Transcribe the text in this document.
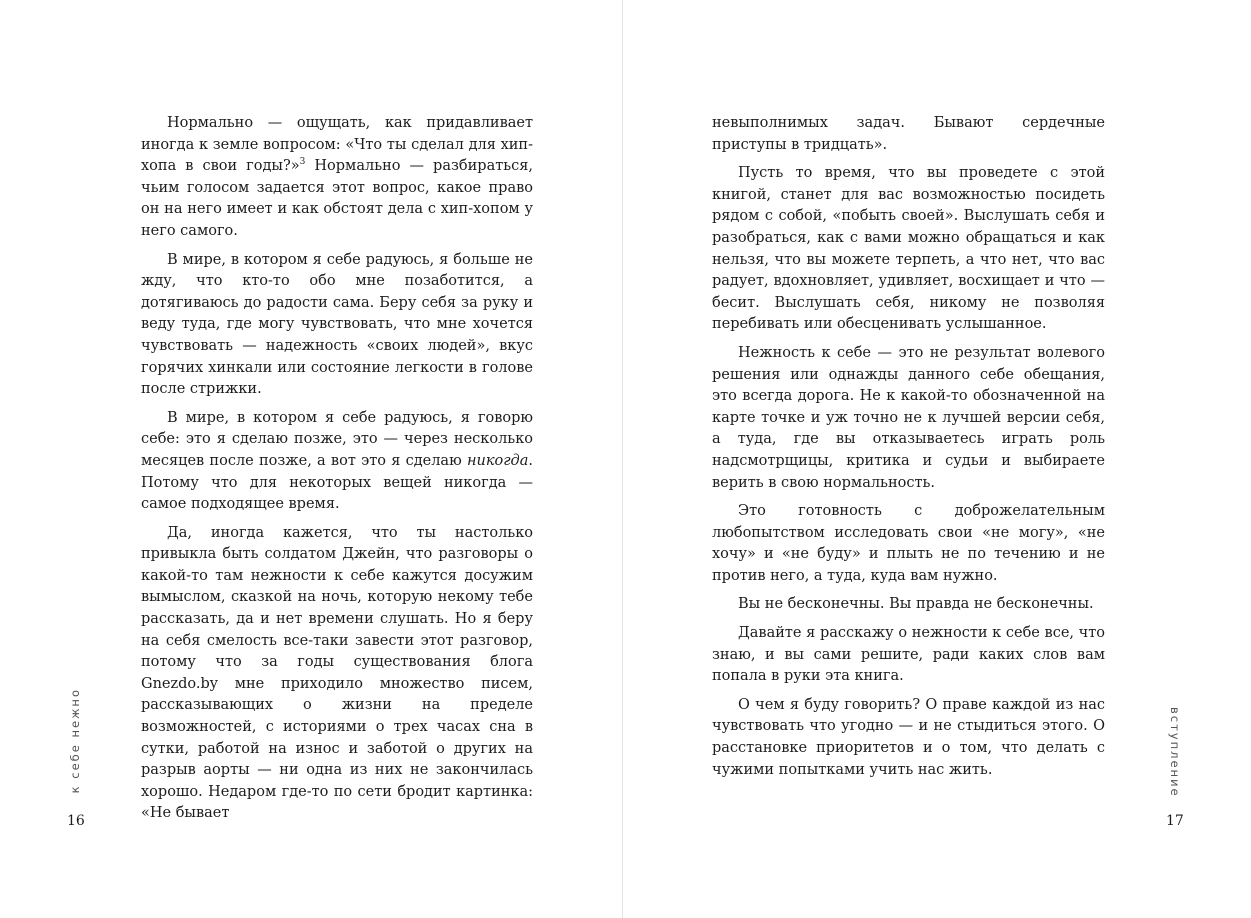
Нормально — ощущать, как придавливает иногда к земле вопросом: «Что ты сделал для хип-хопа в свои годы?»$^3$ Нормально — разбираться, чьим голосом задается этот вопрос, какое право он на него имеет и как обстоят дела с хип-хопом у него самого.

В мире, в котором я себе радуюсь, я больше не жду, что кто-то обо мне позаботится, а дотягиваюсь до радости сама. Беру себя за руку и веду туда, где могу чувствовать, что мне хочется чувствовать — надежность «своих людей», вкус горячих хинкали или состояние легкости в голове после стрижки.

В мире, в котором я себе радуюсь, я говорю себе: это я сделаю позже, это — через несколько месяцев после позже, а вот это я сделаю никогда. Потому что для некоторых вещей никогда — самое подходящее время.

Да, иногда кажется, что ты настолько привыкла быть солдатом Джейн, что разговоры о какой-то там нежности к себе кажутся досужим вымыслом, сказкой на ночь, которую некому тебе рассказать, да и нет времени слушать. Но я беру на себя смелость все-таки завести этот разговор, потому что за годы существования блога Gnezdo.by мне приходило множество писем, рассказывающих о жизни на пределе возможностей, с историями о трех часах сна в сутки, работой на износ и заботой о других на разрыв аорты — ни одна из них не закончилась хорошо. Недаром где-то по сети бродит картинка: «Не бывает

к себе нежно
16

невыполнимых задач. Бывают сердечные приступы в тридцать».

Пусть то время, что вы проведете с этой книгой, станет для вас возможностью посидеть рядом с собой, «побыть своей». Выслушать себя и разобраться, как с вами можно обращаться и как нельзя, что вы можете терпеть, а что нет, что вас радует, вдохновляет, удивляет, восхищает и что — бесит. Выслушать себя, никому не позволяя перебивать или обесценивать услышанное.

Нежность к себе — это не результат волевого решения или однажды данного себе обещания, это всегда дорога. Не к какой-то обозначенной на карте точке и уж точно не к лучшей версии себя, а туда, где вы отказываетесь играть роль надсмотрщицы, критика и судьи и выбираете верить в свою нормальность.

Это готовность с доброжелательным любопытством исследовать свои «не могу», «не хочу» и «не буду» и плыть не по течению и не против него, а туда, куда вам нужно.

Вы не бесконечны. Вы правда не бесконечны.

Давайте я расскажу о нежности к себе все, что знаю, и вы сами решите, ради каких слов вам попала в руки эта книга.

О чем я буду говорить? О праве каждой из нас чувствовать что угодно — и не стыдиться этого. О расстановке приоритетов и о том, что делать с чужими попытками учить нас жить.	вступление
17
